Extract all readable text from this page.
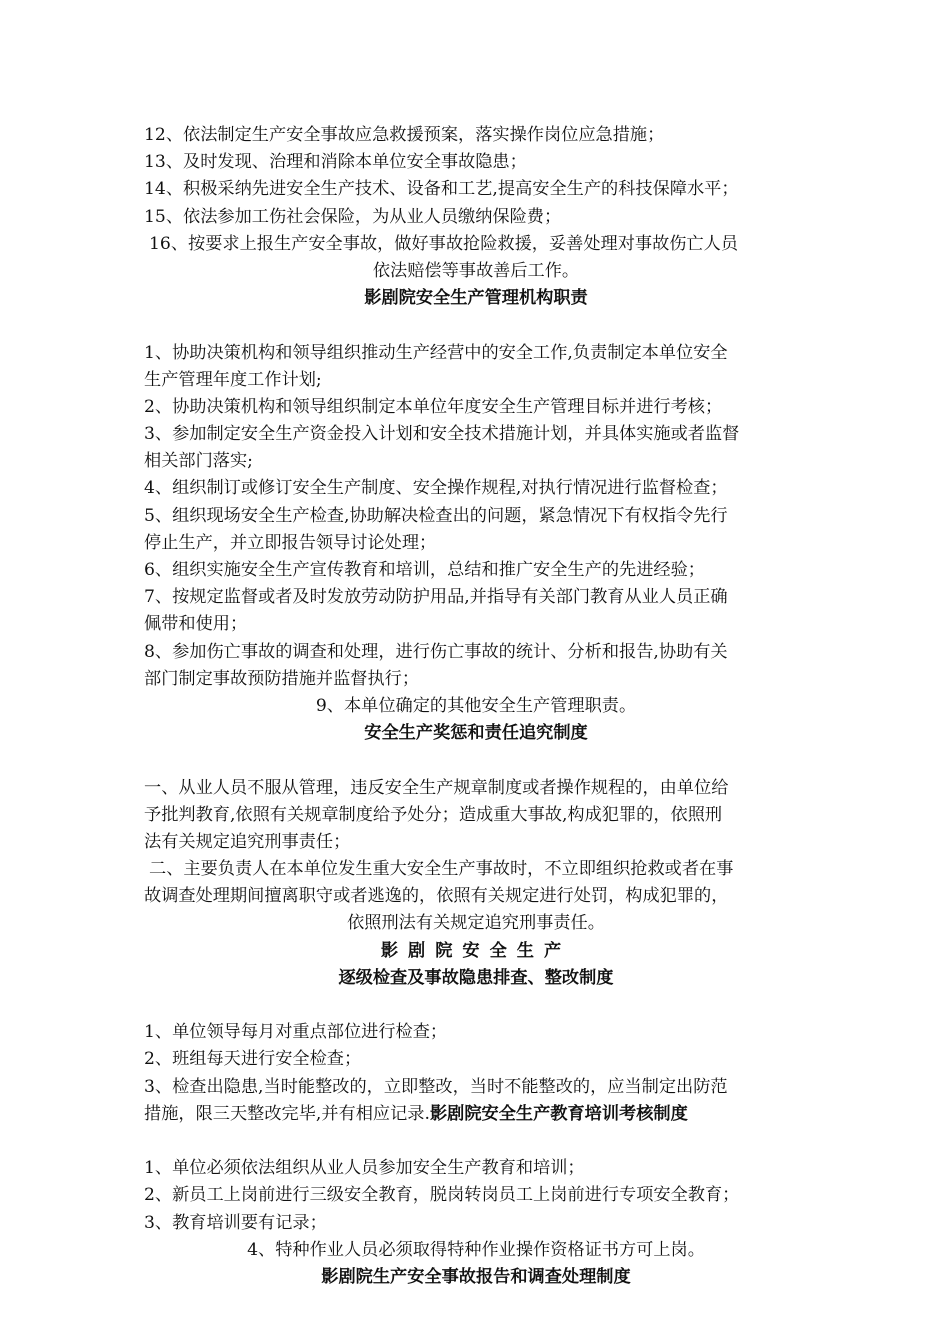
12、依法制定生产安全事故应急救援预案，落实操作岗位应急措施；
13、及时发现、治理和消除本单位安全事故隐患；
14、积极采纳先进安全生产技术、设备和工艺,提高安全生产的科技保障水平；
15、依法参加工伤社会保险，为从业人员缴纳保险费；
16、按要求上报生产安全事故，做好事故抢险救援，妥善处理对事故伤亡人员
依法赔偿等事故善后工作。
影剧院安全生产管理机构职责
1、协助决策机构和领导组织推动生产经营中的安全工作,负责制定本单位安全
生产管理年度工作计划;
2、协助决策机构和领导组织制定本单位年度安全生产管理目标并进行考核；
3、参加制定安全生产资金投入计划和安全技术措施计划，并具体实施或者监督
相关部门落实;
4、组织制订或修订安全生产制度、安全操作规程,对执行情况进行监督检查；
5、组织现场安全生产检查,协助解决检查出的问题，紧急情况下有权指令先行
停止生产，并立即报告领导讨论处理；
6、组织实施安全生产宣传教育和培训，总结和推广安全生产的先进经验；
7、按规定监督或者及时发放劳动防护用品,并指导有关部门教育从业人员正确
佩带和使用；
8、参加伤亡事故的调查和处理，进行伤亡事故的统计、分析和报告,协助有关
部门制定事故预防措施并监督执行；
9、本单位确定的其他安全生产管理职责。
安全生产奖惩和责任追究制度
一、从业人员不服从管理，违反安全生产规章制度或者操作规程的，由单位给
予批判教育,依照有关规章制度给予处分；造成重大事故,构成犯罪的，依照刑
法有关规定追究刑事责任；
二、主要负责人在本单位发生重大安全生产事故时，不立即组织抢救或者在事
故调查处理期间擅离职守或者逃逸的，依照有关规定进行处罚，构成犯罪的，
依照刑法有关规定追究刑事责任。
影剧院安全生产
逐级检查及事故隐患排查、整改制度
1、单位领导每月对重点部位进行检查；
2、班组每天进行安全检查；
3、检查出隐患,当时能整改的，立即整改，当时不能整改的，应当制定出防范
措施，限三天整改完毕,并有相应记录.影剧院安全生产教育培训考核制度
1、单位必须依法组织从业人员参加安全生产教育和培训；
2、新员工上岗前进行三级安全教育，脱岗转岗员工上岗前进行专项安全教育；
3、教育培训要有记录；
4、特种作业人员必须取得特种作业操作资格证书方可上岗。
影剧院生产安全事故报告和调查处理制度
